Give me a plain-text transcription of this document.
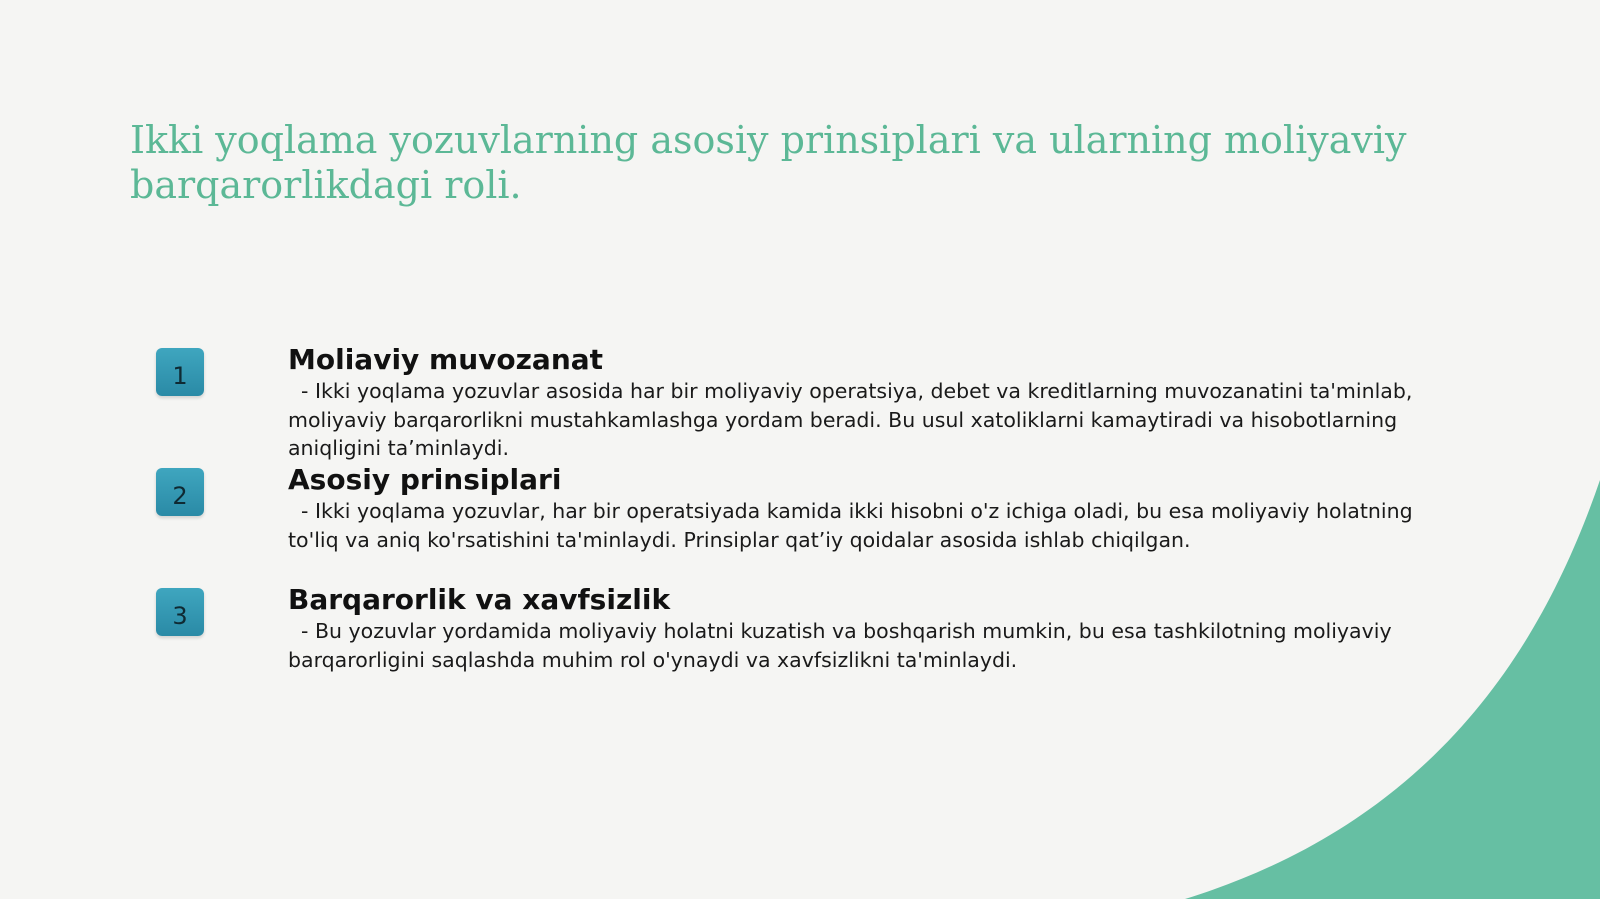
Ikki yoqlama yozuvlarning asosiy prinsiplari va ularning moliyaviy barqarorlikdagi roli.
1	Moliaviy muvozanat

- Ikki yoqlama yozuvlar asosida har bir moliyaviy operatsiya, debet va kreditlarning muvozanatini ta'minlab, moliyaviy barqarorlikni mustahkamlashga yordam beradi. Bu usul xatoliklarni kamaytiradi va hisobotlarning aniqligini ta’minlaydi.

2	Asosiy prinsiplari

- Ikki yoqlama yozuvlar, har bir operatsiyada kamida ikki hisobni o'z ichiga oladi, bu esa moliyaviy holatning to'liq va aniq ko'rsatishini ta'minlaydi. Prinsiplar qat’iy qoidalar asosida ishlab chiqilgan.

3	Barqarorlik va xavfsizlik

- Bu yozuvlar yordamida moliyaviy holatni kuzatish va boshqarish mumkin, bu esa tashkilotning moliyaviy barqarorligini saqlashda muhim rol o'ynaydi va xavfsizlikni ta'minlaydi.
